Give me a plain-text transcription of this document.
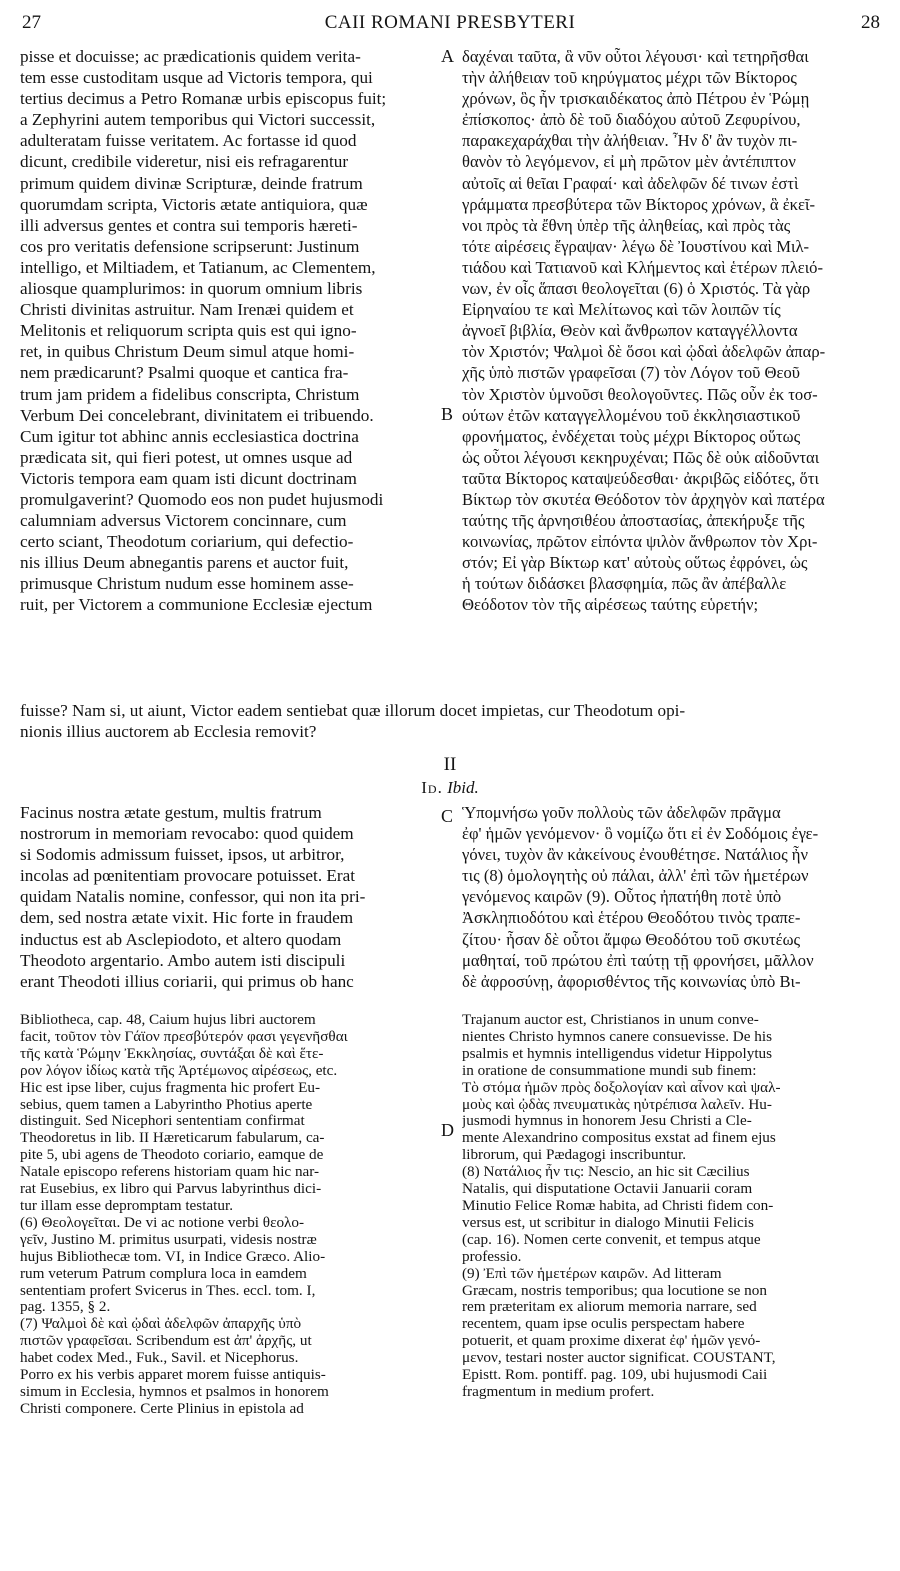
27	CAII ROMANI PRESBYTERI	28
A
B
C
D
pisse et docuisse; ac prædicationis quidem verita-
tem esse custoditam usque ad Victoris tempora, qui
tertius decimus a Petro Romanæ urbis episcopus fuit;
a Zephyrini autem temporibus qui Victori successit,
adulteratam fuisse veritatem. Ac fortasse id quod
dicunt, credibile videretur, nisi eis refragarentur
primum quidem divinæ Scripturæ, deinde fratrum
quorumdam scripta, Victoris ætate antiquiora, quæ
illi adversus gentes et contra sui temporis hæreti-
cos pro veritatis defensione scripserunt: Justinum
intelligo, et Miltiadem, et Tatianum, ac Clementem,
aliosque quamplurimos: in quorum omnium libris
Christi divinitas astruitur. Nam Irenæi quidem et
Melitonis et reliquorum scripta quis est qui igno-
ret, in quibus Christum Deum simul atque homi-
nem prædicarunt? Psalmi quoque et cantica fra-
trum jam pridem a fidelibus conscripta, Christum
Verbum Dei concelebrant, divinitatem ei tribuendo.
Cum igitur tot abhinc annis ecclesiastica doctrina
prædicata sit, qui fieri potest, ut omnes usque ad
Victoris tempora eam quam isti dicunt doctrinam
promulgaverint? Quomodo eos non pudet hujusmodi
calumniam adversus Victorem concinnare, cum
certo sciant, Theodotum coriarium, qui defectio-
nis illius Deum abnegantis parens et auctor fuit,
primusque Christum nudum esse hominem asse-
ruit, per Victorem a communione Ecclesiæ ejectum
δαχέναι ταῦτα, ἃ νῦν οὗτοι λέγουσι· καὶ τετηρῆσθαι
τὴν ἀλήθειαν τοῦ κηρύγματος μέχρι τῶν Βίκτορος
χρόνων, ὃς ἦν τρισκαιδέκατος ἀπὸ Πέτρου ἐν Ῥώμῃ
ἐπίσκοπος· ἀπὸ δὲ τοῦ διαδόχου αὐτοῦ Ζεφυρίνου,
παρακεχαράχθαι τὴν ἀλήθειαν. Ἦν δ' ἂν τυχὸν πι-
θανὸν τὸ λεγόμενον, εἰ μὴ πρῶτον μὲν ἀντέπιπτον
αὐτοῖς αἱ θεῖαι Γραφαί· καὶ ἀδελφῶν δέ τινων ἐστὶ
γράμματα πρεσβύτερα τῶν Βίκτορος χρόνων, ἃ ἐκεῖ-
νοι πρὸς τὰ ἔθνη ὑπὲρ τῆς ἀληθείας, καὶ πρὸς τὰς
τότε αἱρέσεις ἔγραψαν· λέγω δὲ Ἰουστίνου καὶ Μιλ-
τιάδου καὶ Τατιανοῦ καὶ Κλήμεντος καὶ ἑτέρων πλειό-
νων, ἐν οἷς ἅπασι θεολογεῖται (6) ὁ Χριστός. Τὰ γὰρ
Εἰρηναίου τε καὶ Μελίτωνος καὶ τῶν λοιπῶν τίς
ἀγνοεῖ βιβλία, Θεὸν καὶ ἄνθρωπον καταγγέλλοντα
τὸν Χριστόν; Ψαλμοὶ δὲ ὅσοι καὶ ᾠδαὶ ἀδελφῶν ἀπαρ-
χῆς ὑπὸ πιστῶν γραφεῖσαι (7) τὸν Λόγον τοῦ Θεοῦ
τὸν Χριστὸν ὑμνοῦσι θεολογοῦντες. Πῶς οὖν ἐκ τοσ-
ούτων ἐτῶν καταγγελλομένου τοῦ ἐκκλησιαστικοῦ
φρονήματος, ἐνδέχεται τοὺς μέχρι Βίκτορος οὕτως
ὡς οὗτοι λέγουσι κεκηρυχέναι; Πῶς δὲ οὐκ αἰδοῦνται
ταῦτα Βίκτορος καταψεύδεσθαι· ἀκριβῶς εἰδότες, ὅτι
Βίκτωρ τὸν σκυτέα Θεόδοτον τὸν ἀρχηγὸν καὶ πατέρα
ταύτης τῆς ἀρνησιθέου ἀποστασίας, ἀπεκήρυξε τῆς
κοινωνίας, πρῶτον εἰπόντα ψιλὸν ἄνθρωπον τὸν Χρι-
στόν; Εἰ γὰρ Βίκτωρ κατ' αὐτοὺς οὕτως ἐφρόνει, ὡς
ἡ τούτων διδάσκει βλασφημία, πῶς ἂν ἀπέβαλλε
Θεόδοτον τὸν τῆς αἱρέσεως ταύτης εὑρετήν;
fuisse? Nam si, ut aiunt, Victor eadem sentiebat quæ illorum docet impietas, cur Theodotum opi-
nionis illius auctorem ab Ecclesia removit?
II
Id. Ibid.
Facinus nostra ætate gestum, multis fratrum
nostrorum in memoriam revocabo: quod quidem
si Sodomis admissum fuisset, ipsos, ut arbitror,
incolas ad pœnitentiam provocare potuisset. Erat
quidam Natalis nomine, confessor, qui non ita pri-
dem, sed nostra ætate vixit. Hic forte in fraudem
inductus est ab Asclepiodoto, et altero quodam
Theodoto argentario. Ambo autem isti discipuli
erant Theodoti illius coriarii, qui primus ob hanc
Ὑπομνήσω γοῦν πολλοὺς τῶν ἀδελφῶν πρᾶγμα
ἐφ' ἡμῶν γενόμενον· ὃ νομίζω ὅτι εἰ ἐν Σοδόμοις ἐγε-
γόνει, τυχὸν ἂν κἀκείνους ἐνουθέτησε. Νατάλιος ἦν
τις (8) ὁμολογητὴς οὐ πάλαι, ἀλλ' ἐπὶ τῶν ἡμετέρων
γενόμενος καιρῶν (9). Οὗτος ἠπατήθη ποτὲ ὑπὸ
Ἀσκληπιοδότου καὶ ἑτέρου Θεοδότου τινὸς τραπε-
ζίτου· ἦσαν δὲ οὗτοι ἄμφω Θεοδότου τοῦ σκυτέως
μαθηταί, τοῦ πρώτου ἐπὶ ταύτῃ τῇ φρονήσει, μᾶλλον
δὲ ἀφροσύνῃ, ἀφορισθέντος τῆς κοινωνίας ὑπὸ Βι-
Bibliotheca, cap. 48, Caium hujus libri auctorem
facit, τοῦτον τὸν Γάϊον πρεσβύτερόν φασι γεγενῆσθαι
τῆς κατὰ Ῥώμην Ἐκκλησίας, συντάξαι δὲ καὶ ἕτε-
ρον λόγον ἰδίως κατὰ τῆς Ἀρτέμωνος αἱρέσεως, etc.
Hic est ipse liber, cujus fragmenta hic profert Eu-
sebius, quem tamen a Labyrintho Photius aperte
distinguit. Sed Nicephori sententiam confirmat
Theodoretus in lib. II Hæreticarum fabularum, ca-
pite 5, ubi agens de Theodoto coriario, eamque de
Natale episcopo referens historiam quam hic nar-
rat Eusebius, ex libro qui Parvus labyrinthus dici-
tur illam esse depromptam testatur.
(6) Θεολογεῖται. De vi ac notione verbi θεολο-
γεῖν, Justino M. primitus usurpati, videsis nostræ
hujus Bibliothecæ tom. VI, in Indice Græco. Alio-
rum veterum Patrum complura loca in eamdem
sententiam profert Svicerus in Thes. eccl. tom. I,
pag. 1355, § 2.
(7) Ψαλμοὶ δὲ καὶ ᾠδαὶ ἀδελφῶν ἀπαρχῆς ὑπὸ
πιστῶν γραφεῖσαι. Scribendum est ἀπ' ἀρχῆς, ut
habet codex Med., Fuk., Savil. et Nicephorus.
Porro ex his verbis apparet morem fuisse antiquis-
simum in Ecclesia, hymnos et psalmos in honorem
Christi componere. Certe Plinius in epistola ad
Trajanum auctor est, Christianos in unum conve-
nientes Christo hymnos canere consuevisse. De his
psalmis et hymnis intelligendus videtur Hippolytus
in oratione de consummatione mundi sub finem:
Τὸ στόμα ἡμῶν πρὸς δοξολογίαν καὶ αἶνον καὶ ψαλ-
μοὺς καὶ ᾠδὰς πνευματικὰς ηὐτρέπισα λαλεῖν. Hu-
jusmodi hymnus in honorem Jesu Christi a Cle-
mente Alexandrino compositus exstat ad finem ejus
librorum, qui Pædagogi inscribuntur.
(8) Νατάλιος ἦν τις: Nescio, an hic sit Cæcilius
Natalis, qui disputatione Octavii Januarii coram
Minutio Felice Romæ habita, ad Christi fidem con-
versus est, ut scribitur in dialogo Minutii Felicis
(cap. 16). Nomen certe convenit, et tempus atque
professio.
(9) Ἐπὶ τῶν ἡμετέρων καιρῶν. Ad litteram
Græcam, nostris temporibus; qua locutione se non
rem præteritam ex aliorum memoria narrare, sed
recentem, quam ipse oculis perspectam habere
potuerit, et quam proxime dixerat ἐφ' ἡμῶν γενό-
μενον, testari noster auctor significat. COUSTANT,
Epistt. Rom. pontiff. pag. 109, ubi hujusmodi Caii
fragmentum in medium profert.
